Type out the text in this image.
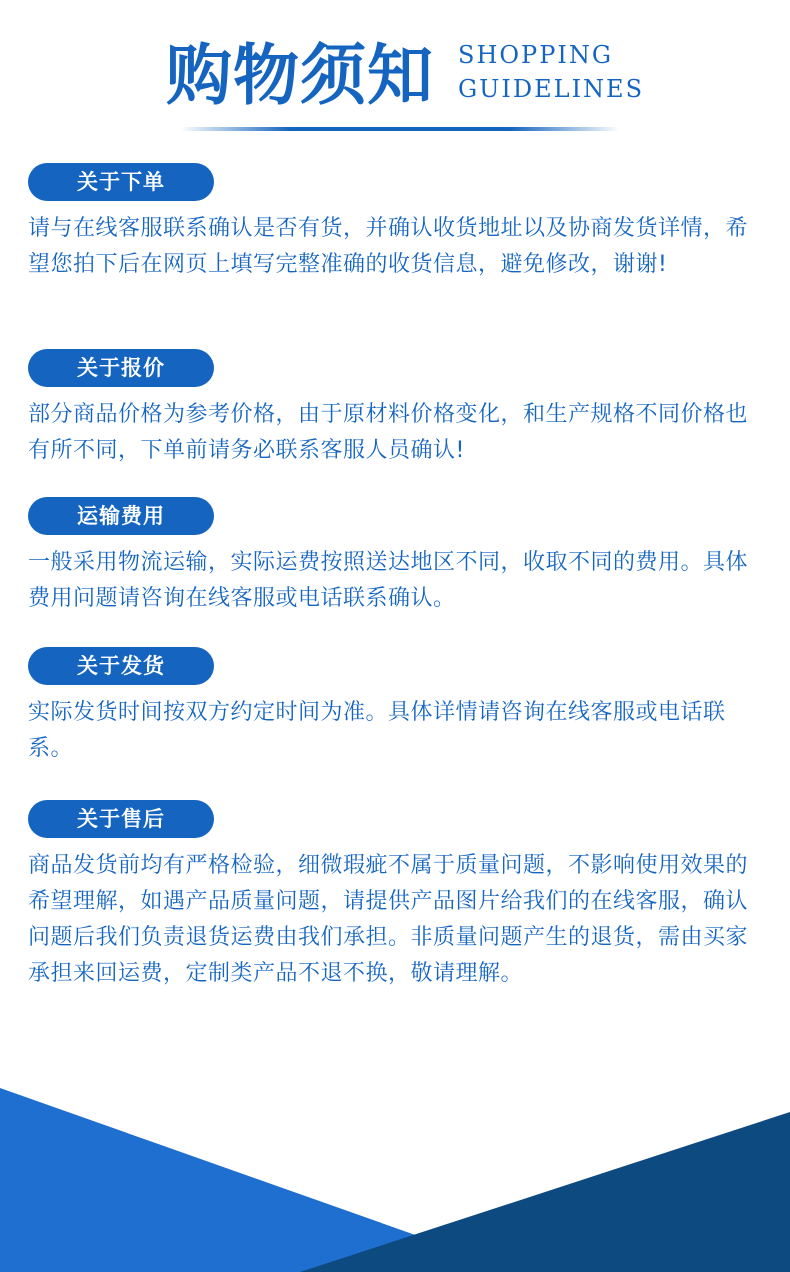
购物须知 SHOPPING
GUIDELINES
关于下单
请与在线客服联系确认是否有货，并确认收货地址以及协商发货详情，希望您拍下后在网页上填写完整准确的收货信息，避免修改，谢谢!
关于报价
部分商品价格为参考价格，由于原材料价格变化，和生产规格不同价格也有所不同，下单前请务必联系客服人员确认!
运输费用
一般采用物流运输，实际运费按照送达地区不同，收取不同的费用。具体费用问题请咨询在线客服或电话联系确认。
关于发货
实际发货时间按双方约定时间为准。具体详情请咨询在线客服或电话联系。
关于售后
商品发货前均有严格检验，细微瑕疵不属于质量问题，不影响使用效果的希望理解，如遇产品质量问题，请提供产品图片给我们的在线客服，确认问题后我们负责退货运费由我们承担。非质量问题产生的退货，需由买家承担来回运费，定制类产品不退不换，敬请理解。
